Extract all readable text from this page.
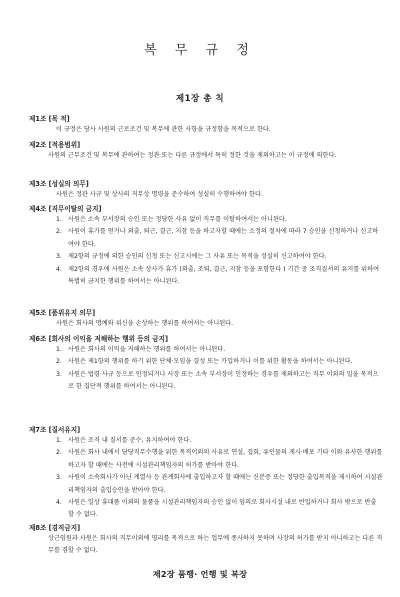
복 무 규 정
제1장 총 칙
제1조 [목 적]
이 규정은 당사 사원의 근로조건 및 복무에 관한 사항을 규정함을 목적으로 한다.
제2조 [적용범위]
사원의 근무조건 및 복무에 관하여는 정관 또는 다른 규정에서 특히 정한 것을 제외하고는 이 규정에 의한다.
제3조 [성실의 의무]
사원은 정관 사규 및 상사의 직무상 명령을 준수하여 성실히 수행하여야 한다.
제4조 [직무이탈의 금지]
1. 사원은 소속 부서장의 승인 또는 정당한 사유 없이 직무를 이탈하여서는 아니된다.
2. 사원이 휴가를 얻거나 외출, 퇴근, 결근, 지참 등을 하고자할 때에는 소정의 절차에 따라 7 승인을 신청하거나 신고하여야 한다.
3. 제2항의 규정에 의한 승인의 신청 또는 신고시에는 그 사유 또는 목적을 성실히 신고하여야 한다.
4. 제2항의 경우에 사원은 소속 상사가 휴가 (외출, 조퇴, 결근, 지참 등을 포함한다 ) 기간 중 조직질서의 유지를 위하여 특별히 금지한 행위를 하여서는 아니된다.
제5조 [품위유지 의무]
사원은 회사의 명예와 위신을 손상하는 행위를 하여서는 아니된다.
제6조 [회사의 이익을 저해하는 행위 등의 금지]
1. 사원은 회사의 이익을 저해하는 행위를 하여서는 아니된다.
2. 사원은 제1항의 행위를 하기 위한 단체·모임을 결성 또는 가입하거나 이를 위한 활동을 하여서는 아니된다.
3. 사원은 법령·사규 등으로 인정되거나 사장 또는 소속 부서장이 인정하는 경우를 제외하고는 직무 이외의 일을 목적으로 한 집단적 행위를 하여서는 아니된다.
제7조 [질서유지]
1. 사원은 조직 내 질서를 준수, 유지하여야 한다.
2. 사원은 회사 내에서 담당직무수행을 위한 목적이외의 사유로 연설, 집회, 유인물의 게시·배포 기타 이와 유사한 행위를 하고자 할 때에는 사전에 시설관리책임자의 허가를 받아야 한다.
3. 사원이 소속회사가 아닌 계열사 등 관계회사에 출입하고자 할 때에는 신분증 또는 정당한 출입목적을 제시하여 시설관리책임자의 출입승인을 받아야 한다.
4. 사원은 일상 휴대품 이외의 물품을 시설관리책임자의 승인 없이 임의로 회사시설 내로 반입하거나 회사 밖으로 반출 할 수 없다.
제8조 [겸직금지]
상근임원과 사원은 회사의 직무이외에 영리를 목적으로 하는 업무에 종사하지 못하며 사장의 허가를 받지 아니하고는 다른 직무를 겸할 수 없다.
제2장 품행· 언행 및 복장
